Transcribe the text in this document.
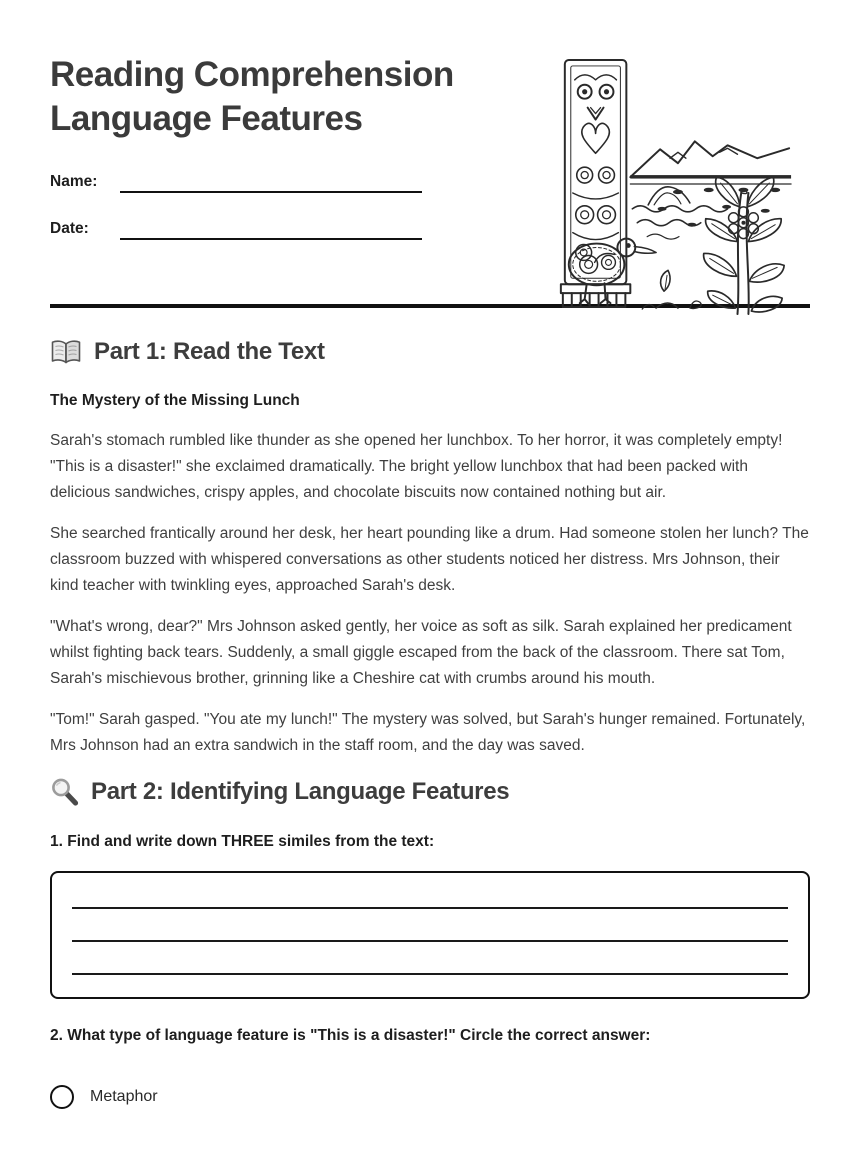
Reading Comprehension Language Features
Name:
Date:
Part 1: Read the Text
The Mystery of the Missing Lunch

Sarah's stomach rumbled like thunder as she opened her lunchbox. To her horror, it was completely empty! "This is a disaster!" she exclaimed dramatically. The bright yellow lunchbox that had been packed with delicious sandwiches, crispy apples, and chocolate biscuits now contained nothing but air.

She searched frantically around her desk, her heart pounding like a drum. Had someone stolen her lunch? The classroom buzzed with whispered conversations as other students noticed her distress. Mrs Johnson, their kind teacher with twinkling eyes, approached Sarah's desk.

"What's wrong, dear?" Mrs Johnson asked gently, her voice as soft as silk. Sarah explained her predicament whilst fighting back tears. Suddenly, a small giggle escaped from the back of the classroom. There sat Tom, Sarah's mischievous brother, grinning like a Cheshire cat with crumbs around his mouth.

"Tom!" Sarah gasped. "You ate my lunch!" The mystery was solved, but Sarah's hunger remained. Fortunately, Mrs Johnson had an extra sandwich in the staff room, and the day was saved.

Part 2: Identifying Language Features
1. Find and write down THREE similes from the text:
2. What type of language feature is "This is a disaster!" Circle the correct answer:
Metaphor
